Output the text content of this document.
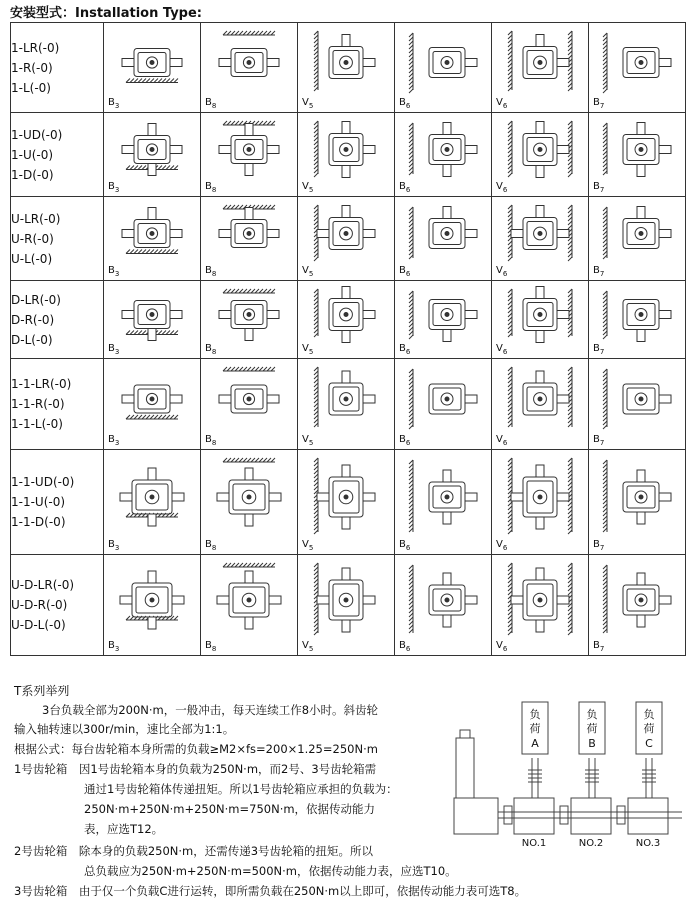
安装型式：Installation Type:
1-LR(-0)
1-R(-0)
1-L(-0)	$B_3$	$B_8$	$V_5$	$B_6$	$V_6$	$B_7$

1-UD(-0)
1-U(-0)
1-D(-0)	$B_3$	$B_8$	$V_5$	$B_6$	$V_6$	$B_7$

U-LR(-0)
U-R(-0)
U-L(-0)	$B_3$	$B_8$	$V_5$	$B_6$	$V_6$	$B_7$

D-LR(-0)
D-R(-0)
D-L(-0)	$B_3$	$B_8$	$V_5$	$B_6$	$V_6$	$B_7$

1-1-LR(-0)
1-1-R(-0)
1-1-L(-0)	$B_3$	$B_8$	$V_5$	$B_6$	$V_6$	$B_7$

1-1-UD(-0)
1-1-U(-0)
1-1-D(-0)	$B_3$	$B_8$	$V_5$	$B_6$	$V_6$	$B_7$

U-D-LR(-0)
U-D-R(-0)
U-D-L(-0)	$B_3$	$B_8$	$V_5$	$B_6$	$V_6$	$B_7$
T系列举列
3台负载全部为200N·m，一般冲击，每天连续工作8小时。斜齿轮
输入轴转速以300r/min，速比全部为1:1。
根据公式：每台齿轮箱本身所需的负载≥M2×fs=200×1.25=250N·m
1号齿轮箱　因1号齿轮箱本身的负载为250N·m，而2号、3号齿轮箱需
通过1号齿轮箱体传递扭矩。所以1号齿轮箱应承担的负载为：
250N·m+250N·m+250N·m=750N·m，依据传动能力
表，应选T12。
2号齿轮箱　除本身的负载250N·m，还需传递3号齿轮箱的扭矩。所以
总负载应为250N·m+250N·m=500N·m，依据传动能力表，应选T10。
3号齿轮箱　由于仅一个负载C进行运转，即所需负载在250N·m以上即可，依据传动能力表可选T8。
负
荷
A
负
荷
B
负
荷
C
NO.1	NO.2	NO.3
